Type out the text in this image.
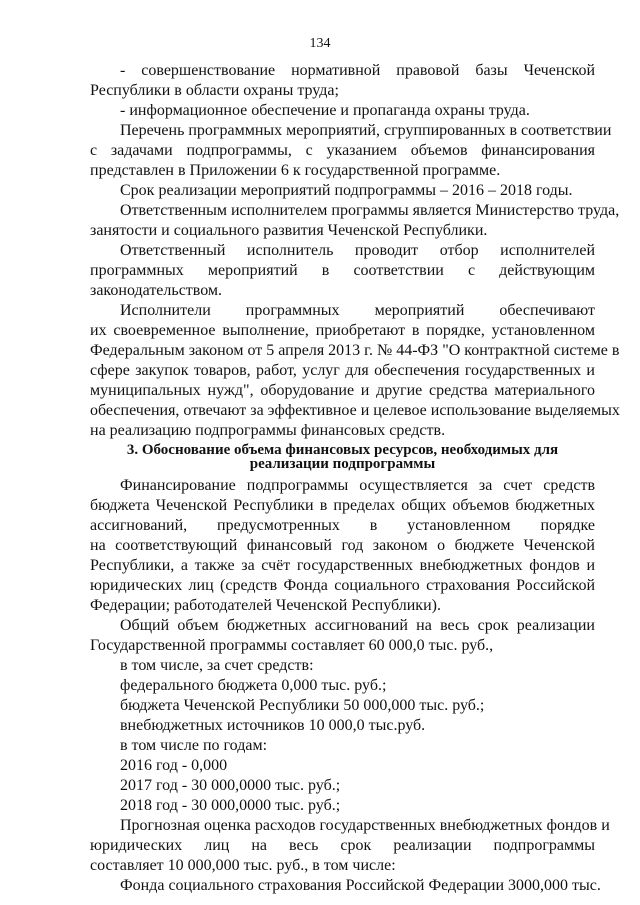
134
3. Обоснование объема финансовых ресурсов, необходимых для
реализации подпрограммы
- совершенствование нормативной правовой базы Чеченской
Республики в области охраны труда;
- информационное обеспечение и пропаганда охраны труда.
Перечень программных мероприятий, сгруппированных в соответствии
с задачами подпрограммы, с указанием объемов финансирования
представлен в Приложении 6 к государственной программе.
Срок реализации мероприятий подпрограммы – 2016 – 2018 годы.
Ответственным исполнителем программы является Министерство труда,
занятости и социального развития Чеченской Республики.
Ответственный исполнитель проводит отбор исполнителей
программных мероприятий в соответствии с действующим
законодательством.
Исполнители программных мероприятий обеспечивают
их своевременное выполнение, приобретают в порядке, установленном
Федеральным законом от 5 апреля 2013 г. № 44-ФЗ "О контрактной системе в
сфере закупок товаров, работ, услуг для обеспечения государственных и
муниципальных нужд", оборудование и другие средства материального
обеспечения, отвечают за эффективное и целевое использование выделяемых
на реализацию подпрограммы финансовых средств.
Финансирование подпрограммы осуществляется за счет средств
бюджета Чеченской Республики в пределах общих объемов бюджетных
ассигнований, предусмотренных в установленном порядке
на соответствующий финансовый год законом о бюджете Чеченской
Республики, а также за счёт государственных внебюджетных фондов и
юридических лиц (средств Фонда социального страхования Российской
Федерации; работодателей Чеченской Республики).
Общий объем бюджетных ассигнований на весь срок реализации
Государственной программы составляет 60 000,0 тыс. руб.,
в том числе, за счет средств:
федерального бюджета 0,000 тыс. руб.;
бюджета Чеченской Республики 50 000,000 тыс. руб.;
внебюджетных источников 10 000,0 тыс.руб.
в том числе по годам:
2016 год - 0,000
2017 год - 30 000,0000 тыс. руб.;
2018 год - 30 000,0000 тыс. руб.;
Прогнозная оценка расходов государственных внебюджетных фондов и
юридических лиц на весь срок реализации подпрограммы
составляет 10 000,000 тыс. руб., в том числе:
Фонда социального страхования Российской Федерации 3000,000 тыс.
